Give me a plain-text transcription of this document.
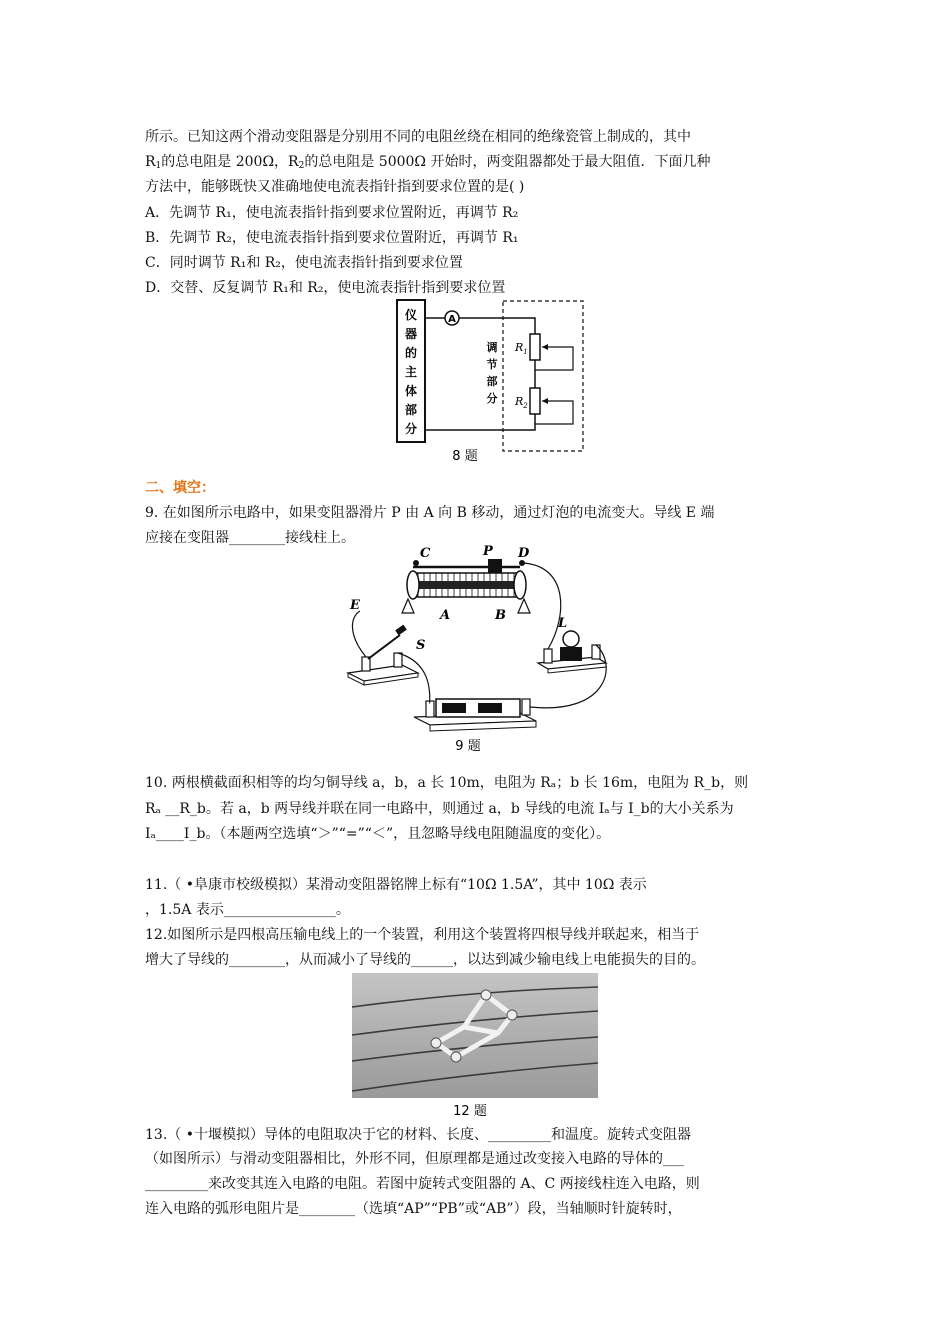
所示。已知这两个滑动变阻器是分别用不同的电阻丝绕在相同的绝缘瓷管上制成的，其中
$R_1$的总电阻是 200Ω，$R_2$的总电阻是 5000Ω 开始时，两变阻器都处于最大阻值．下面几种
方法中，能够既快又准确地使电流表指针指到要求位置的是( )
A．先调节 R₁，使电流表指针指到要求位置附近，再调节 R₂
B．先调节 R₂，使电流表指针指到要求位置附近，再调节 R₁
C．同时调节 R₁和 R₂，使电流表指针指到要求位置
D．交替、反复调节 R₁和 R₂，使电流表指针指到要求位置
仪
器
的
主
体
部
分
A
调
节
部
分
$R_1$
$R_2$
8 题
二、填空：
9. 在如图所示电路中，如果变阻器滑片 P 由 A 向 B 移动，通过灯泡的电流变大。导线 E 端
应接在变阻器________接线柱上。
C	P D
A	B
E
S
L
9 题
10. 两根横截面积相等的均匀铜导线 a，b，a 长 10m，电阻为 Rₐ；b 长 16m，电阻为 R_b，则
Rₐ __R_b。若 a，b 两导线并联在同一电路中，则通过 a，b 导线的电流 Iₐ与 I_b的大小关系为
Iₐ____I_b。（本题两空选填“＞”“=”“＜”，且忽略导线电阻随温度的变化）。
11.（ •阜康市校级模拟）某滑动变阻器铭牌上标有“10Ω 1.5A”，其中 10Ω 表示
，1.5A 表示________________。
12.如图所示是四根高压输电线上的一个装置，利用这个装置将四根导线并联起来，相当于
增大了导线的________，从而减小了导线的______，以达到减少输电线上电能损失的目的。
12 题
13.（ •十堰模拟）导体的电阻取决于它的材料、长度、_________和温度。旋转式变阻器
（如图所示）与滑动变阻器相比，外形不同，但原理都是通过改变接入电路的导体的___
_________来改变其连入电路的电阻。若图中旋转式变阻器的 A、C 两接线柱连入电路，则
连入电路的弧形电阻片是________（选填“AP”“PB”或“AB”）段，当轴顺时针旋转时，
